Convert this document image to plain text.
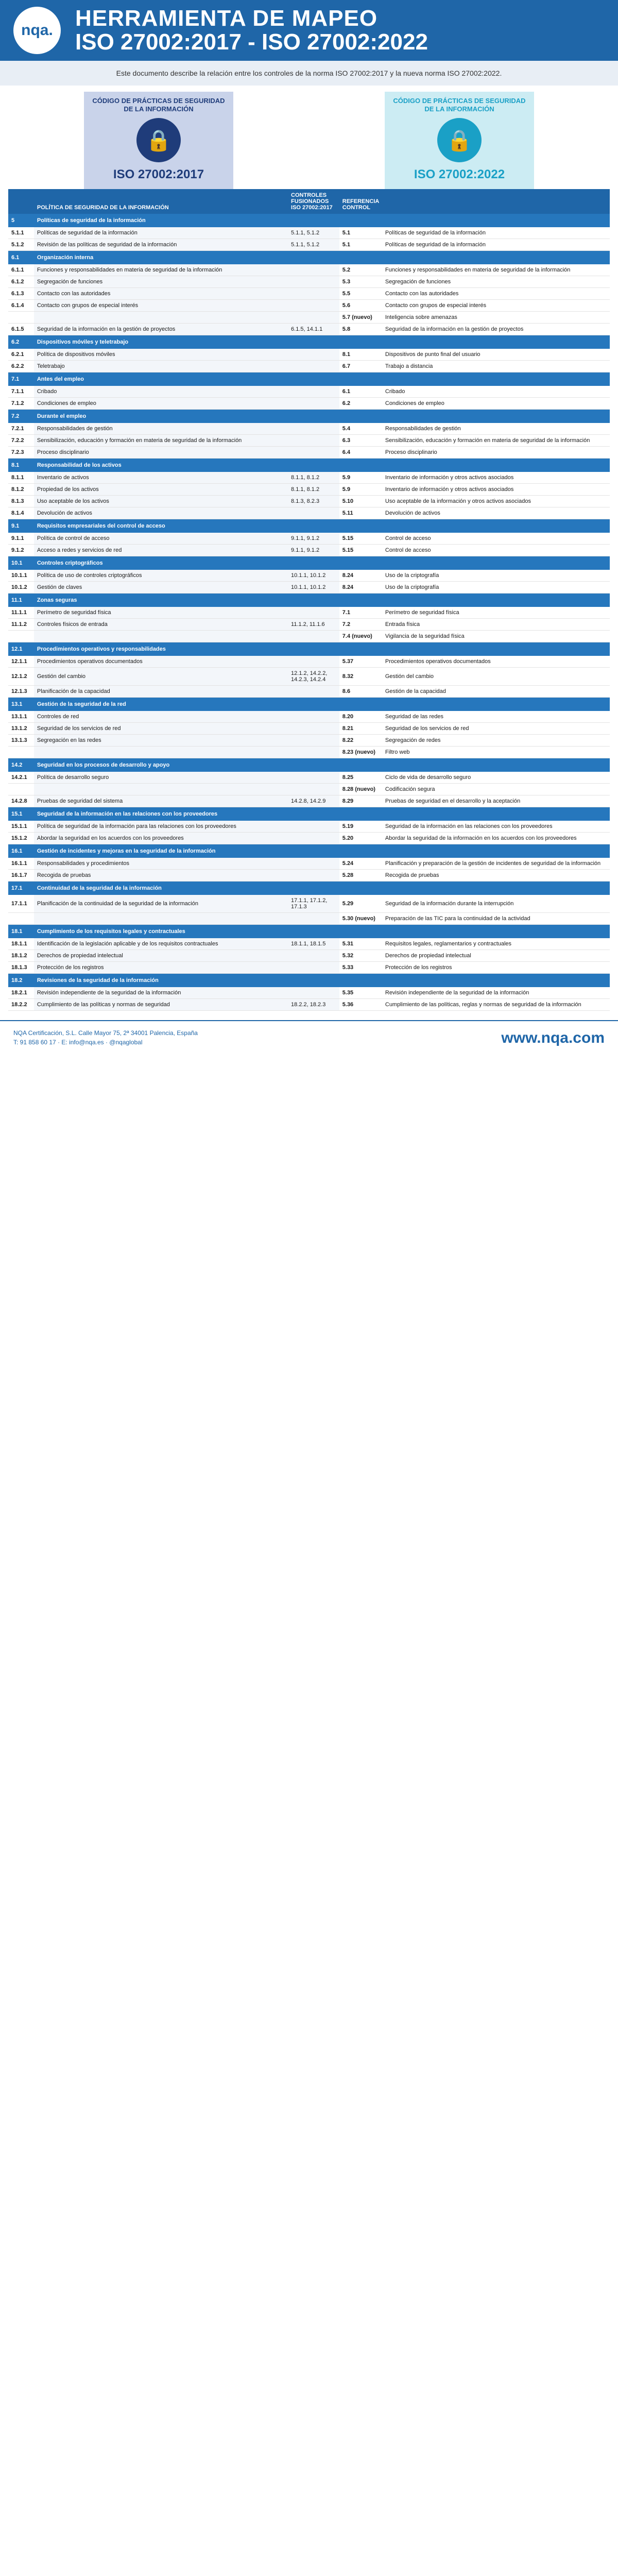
nqa. HERRAMIENTA DE MAPEO
ISO 27002:2017 - ISO 27002:2022
Este documento describe la relación entre los controles de la norma ISO 27002:2017 y la nueva norma ISO 27002:2022.
CÓDIGO DE PRÁCTICAS DE SEGURIDAD DE LA INFORMACIÓN
🔒
ISO 27002:2017
CÓDIGO DE PRÁCTICAS DE SEGURIDAD DE LA INFORMACIÓN
🔒
ISO 27002:2022
	POLÍTICA DE SEGURIDAD DE LA INFORMACIÓN	CONTROLES FUSIONADOS ISO 27002:2017	REFERENCIA CONTROL	
5	Políticas de seguridad de la información			
5.1.1	Políticas de seguridad de la información	5.1.1, 5.1.2	5.1	Políticas de seguridad de la información
5.1.2	Revisión de las políticas de seguridad de la información	5.1.1, 5.1.2	5.1	Políticas de seguridad de la información
6.1	Organización interna			
6.1.1	Funciones y responsabilidades en materia de seguridad de la información		5.2	Funciones y responsabilidades en materia de seguridad de la información
6.1.2	Segregación de funciones		5.3	Segregación de funciones
6.1.3	Contacto con las autoridades		5.5	Contacto con las autoridades
6.1.4	Contacto con grupos de especial interés		5.6	Contacto con grupos de especial interés
			5.7 (nuevo)	Inteligencia sobre amenazas
6.1.5	Seguridad de la información en la gestión de proyectos	6.1.5, 14.1.1	5.8	Seguridad de la información en la gestión de proyectos
6.2	Dispositivos móviles y teletrabajo			
6.2.1	Política de dispositivos móviles		8.1	Dispositivos de punto final del usuario
6.2.2	Teletrabajo		6.7	Trabajo a distancia
7.1	Antes del empleo			
7.1.1	Cribado		6.1	Cribado
7.1.2	Condiciones de empleo		6.2	Condiciones de empleo
7.2	Durante el empleo			
7.2.1	Responsabilidades de gestión		5.4	Responsabilidades de gestión
7.2.2	Sensibilización, educación y formación en materia de seguridad de la información		6.3	Sensibilización, educación y formación en materia de seguridad de la información
7.2.3	Proceso disciplinario		6.4	Proceso disciplinario
8.1	Responsabilidad de los activos			
8.1.1	Inventario de activos	8.1.1, 8.1.2	5.9	Inventario de información y otros activos asociados
8.1.2	Propiedad de los activos	8.1.1, 8.1.2	5.9	Inventario de información y otros activos asociados
8.1.3	Uso aceptable de los activos	8.1.3, 8.2.3	5.10	Uso aceptable de la información y otros activos asociados
8.1.4	Devolución de activos		5.11	Devolución de activos
9.1	Requisitos empresariales del control de acceso			
9.1.1	Política de control de acceso	9.1.1, 9.1.2	5.15	Control de acceso
9.1.2	Acceso a redes y servicios de red	9.1.1, 9.1.2	5.15	Control de acceso
10.1	Controles criptográficos			
10.1.1	Política de uso de controles criptográficos	10.1.1, 10.1.2	8.24	Uso de la criptografía
10.1.2	Gestión de claves	10.1.1, 10.1.2	8.24	Uso de la criptografía
11.1	Zonas seguras			
11.1.1	Perímetro de seguridad física		7.1	Perímetro de seguridad física
11.1.2	Controles físicos de entrada	11.1.2, 11.1.6	7.2	Entrada física
			7.4 (nuevo)	Vigilancia de la seguridad física
12.1	Procedimientos operativos y responsabilidades			
12.1.1	Procedimientos operativos documentados		5.37	Procedimientos operativos documentados
12.1.2	Gestión del cambio	12.1.2, 14.2.2, 14.2.3, 14.2.4	8.32	Gestión del cambio
12.1.3	Planificación de la capacidad		8.6	Gestión de la capacidad
13.1	Gestión de la seguridad de la red			
13.1.1	Controles de red		8.20	Seguridad de las redes
13.1.2	Seguridad de los servicios de red		8.21	Seguridad de los servicios de red
13.1.3	Segregación en las redes		8.22	Segregación de redes
			8.23 (nuevo)	Filtro web
14.2	Seguridad en los procesos de desarrollo y apoyo			
14.2.1	Política de desarrollo seguro		8.25	Ciclo de vida de desarrollo seguro
			8.28 (nuevo)	Codificación segura
14.2.8	Pruebas de seguridad del sistema	14.2.8, 14.2.9	8.29	Pruebas de seguridad en el desarrollo y la aceptación
15.1	Seguridad de la información en las relaciones con los proveedores			
15.1.1	Política de seguridad de la información para las relaciones con los proveedores		5.19	Seguridad de la información en las relaciones con los proveedores
15.1.2	Abordar la seguridad en los acuerdos con los proveedores		5.20	Abordar la seguridad de la información en los acuerdos con los proveedores
16.1	Gestión de incidentes y mejoras en la seguridad de la información			
16.1.1	Responsabilidades y procedimientos		5.24	Planificación y preparación de la gestión de incidentes de seguridad de la información
16.1.7	Recogida de pruebas		5.28	Recogida de pruebas
17.1	Continuidad de la seguridad de la información			
17.1.1	Planificación de la continuidad de la seguridad de la información	17.1.1, 17.1.2, 17.1.3	5.29	Seguridad de la información durante la interrupción
			5.30 (nuevo)	Preparación de las TIC para la continuidad de la actividad
18.1	Cumplimiento de los requisitos legales y contractuales			
18.1.1	Identificación de la legislación aplicable y de los requisitos contractuales	18.1.1, 18.1.5	5.31	Requisitos legales, reglamentarios y contractuales
18.1.2	Derechos de propiedad intelectual		5.32	Derechos de propiedad intelectual
18.1.3	Protección de los registros		5.33	Protección de los registros
18.2	Revisiones de la seguridad de la información			
18.2.1	Revisión independiente de la seguridad de la información		5.35	Revisión independiente de la seguridad de la información
18.2.2	Cumplimiento de las políticas y normas de seguridad	18.2.2, 18.2.3	5.36	Cumplimiento de las políticas, reglas y normas de seguridad de la información
NQA Certificación, S.L. Calle Mayor 75, 2ª 34001 Palencia, España
T: 91 858 60 17 · E: info@nqa.es · @nqaglobal	www.nqa.com
